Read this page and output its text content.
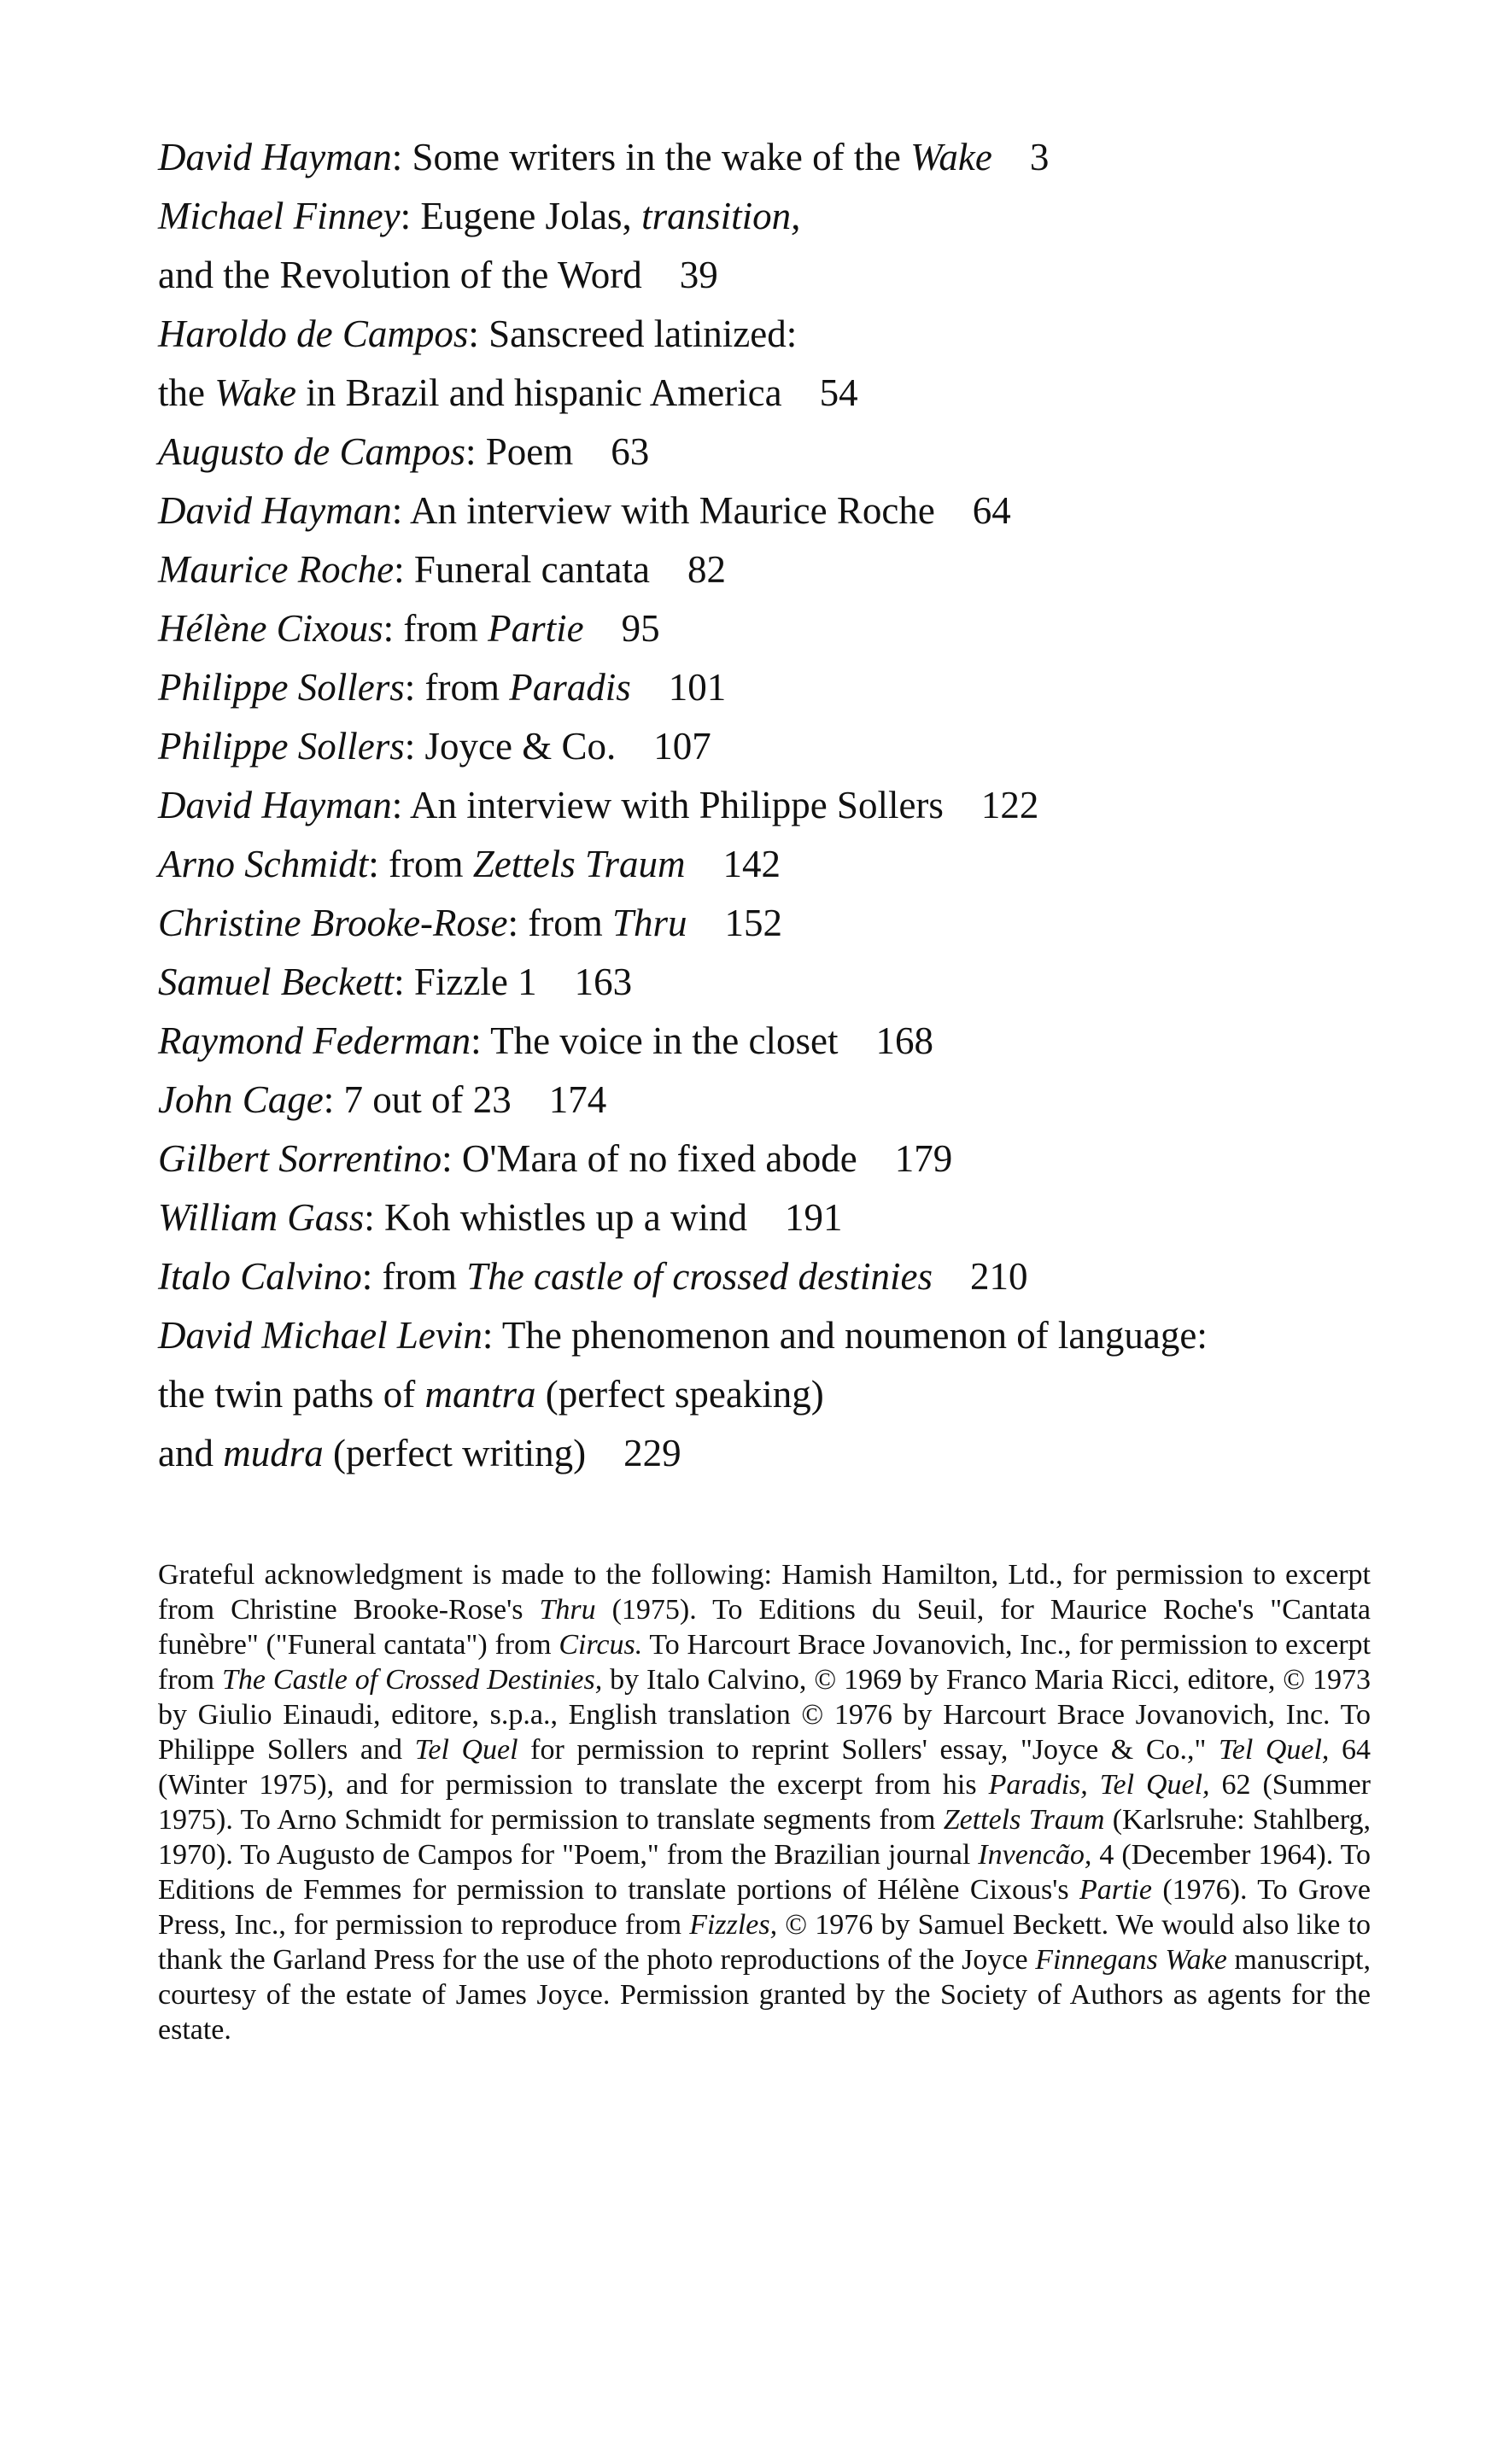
David Hayman: Some writers in the wake of the Wake 3
Michael Finney: Eugene Jolas, transition,
and the Revolution of the Word 39
Haroldo de Campos: Sanscreed latinized:
the Wake in Brazil and hispanic America 54
Augusto de Campos: Poem 63
David Hayman: An interview with Maurice Roche 64
Maurice Roche: Funeral cantata 82
Hélène Cixous: from Partie 95
Philippe Sollers: from Paradis 101
Philippe Sollers: Joyce & Co. 107
David Hayman: An interview with Philippe Sollers 122
Arno Schmidt: from Zettels Traum 142
Christine Brooke-Rose: from Thru 152
Samuel Beckett: Fizzle 1 163
Raymond Federman: The voice in the closet 168
John Cage: 7 out of 23 174
Gilbert Sorrentino: O'Mara of no fixed abode 179
William Gass: Koh whistles up a wind 191
Italo Calvino: from The castle of crossed destinies 210
David Michael Levin: The phenomenon and noumenon of language:
the twin paths of mantra (perfect speaking)
and mudra (perfect writing) 229

Grateful acknowledgment is made to the following: Hamish Hamilton, Ltd., for permission to excerpt from Christine Brooke-Rose's Thru (1975). To Editions du Seuil, for Maurice Roche's "Cantata funèbre" ("Funeral cantata") from Circus. To Harcourt Brace Jovanovich, Inc., for permission to excerpt from The Castle of Crossed Destinies, by Italo Calvino, © 1969 by Franco Maria Ricci, editore, © 1973 by Giulio Einaudi, editore, s.p.a., English translation © 1976 by Harcourt Brace Jovanovich, Inc. To Philippe Sollers and Tel Quel for permission to reprint Sollers' essay, "Joyce & Co.," Tel Quel, 64 (Winter 1975), and for permission to translate the excerpt from his Paradis, Tel Quel, 62 (Summer 1975). To Arno Schmidt for permission to translate segments from Zettels Traum (Karlsruhe: Stahlberg, 1970). To Augusto de Campos for "Poem," from the Brazilian journal Invencão, 4 (December 1964). To Editions de Femmes for permission to translate portions of Hélène Cixous's Partie (1976). To Grove Press, Inc., for permission to reproduce from Fizzles, © 1976 by Samuel Beckett. We would also like to thank the Garland Press for the use of the photo reproductions of the Joyce Finnegans Wake manuscript, courtesy of the estate of James Joyce. Permission granted by the Society of Authors as agents for the estate.
